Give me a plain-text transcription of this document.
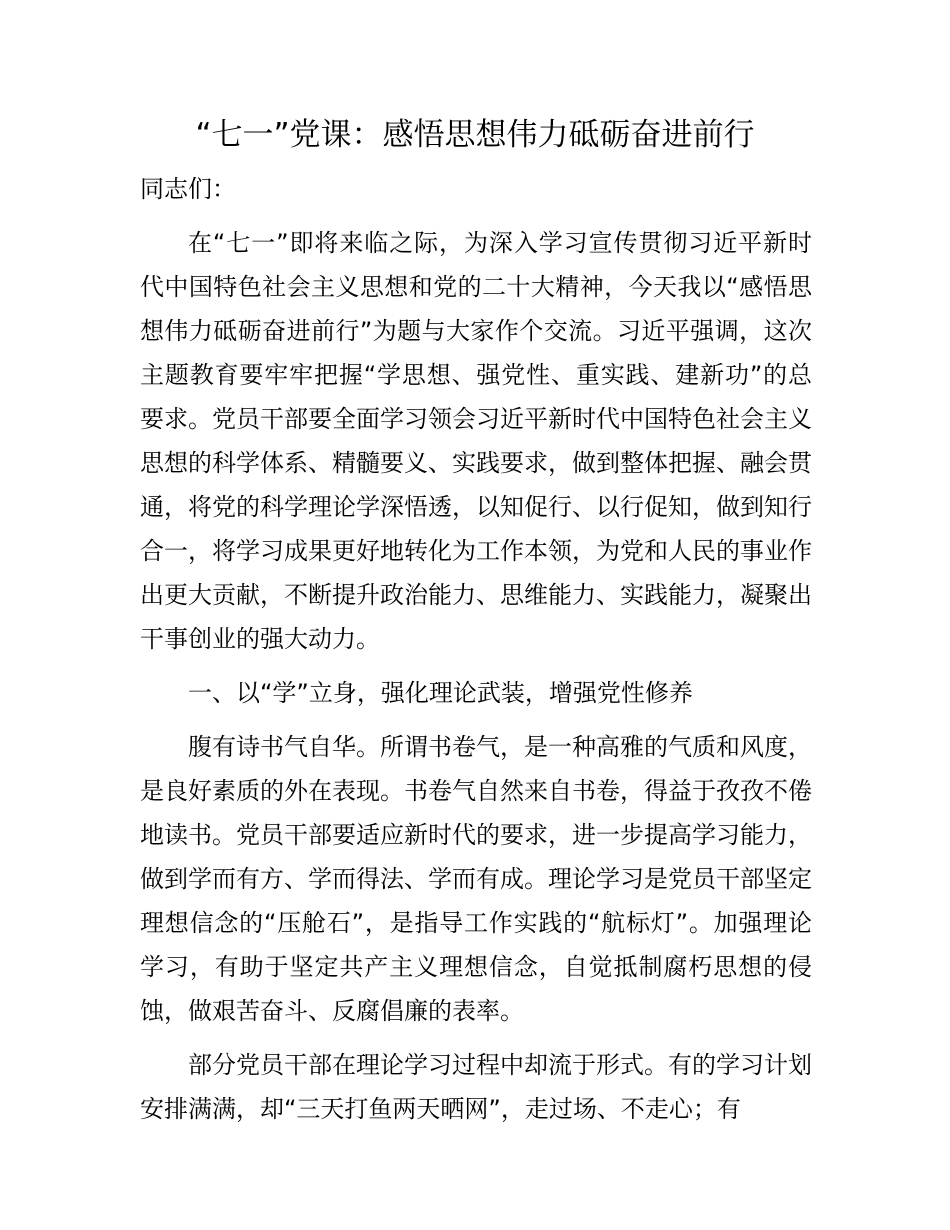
“七一”党课：感悟思想伟力砥砺奋进前行

同志们：

在“七一”即将来临之际，为深入学习宣传贯彻习近平新时代中国特色社会主义思想和党的二十大精神，今天我以“感悟思想伟力砥砺奋进前行”为题与大家作个交流。习近平强调，这次主题教育要牢牢把握“学思想、强党性、重实践、建新功”的总要求。党员干部要全面学习领会习近平新时代中国特色社会主义思想的科学体系、精髓要义、实践要求，做到整体把握、融会贯通，将党的科学理论学深悟透，以知促行、以行促知，做到知行合一，将学习成果更好地转化为工作本领，为党和人民的事业作出更大贡献，不断提升政治能力、思维能力、实践能力，凝聚出干事创业的强大动力。

一、以“学”立身，强化理论武装，增强党性修养

腹有诗书气自华。所谓书卷气，是一种高雅的气质和风度，是良好素质的外在表现。书卷气自然来自书卷，得益于孜孜不倦地读书。党员干部要适应新时代的要求，进一步提高学习能力，做到学而有方、学而得法、学而有成。理论学习是党员干部坚定理想信念的“压舱石”，是指导工作实践的“航标灯”。加强理论学习，有助于坚定共产主义理想信念，自觉抵制腐朽思想的侵蚀，做艰苦奋斗、反腐倡廉的表率。

部分党员干部在理论学习过程中却流于形式。有的学习计划安排满满，却“三天打鱼两天晒网”，走过场、不走心；有
